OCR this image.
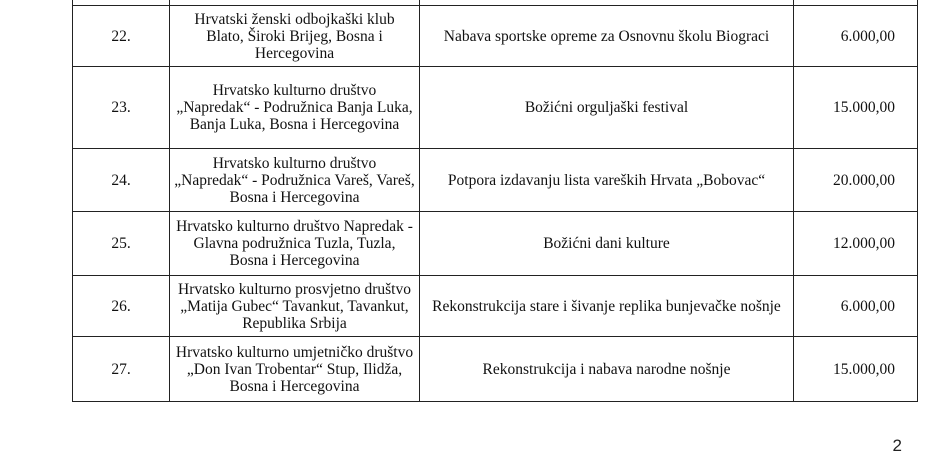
22.	Hrvatski ženski odbojkaški klub Blato, Široki Brijeg, Bosna i Hercegovina	Nabava sportske opreme za Osnovnu školu Biograci	6.000,00
23.	Hrvatsko kulturno društvo „Napredak“ - Podružnica Banja Luka, Banja Luka, Bosna i Hercegovina	Božićni orguljaški festival	15.000,00
24.	Hrvatsko kulturno društvo „Napredak“ - Podružnica Vareš, Vareš, Bosna i Hercegovina	Potpora izdavanju lista vareških Hrvata „Bobovac“	20.000,00
25.	Hrvatsko kulturno društvo Napredak - Glavna podružnica Tuzla, Tuzla, Bosna i Hercegovina	Božićni dani kulture	12.000,00
26.	Hrvatsko kulturno prosvjetno društvo „Matija Gubec“ Tavankut, Tavankut, Republika Srbija	Rekonstrukcija stare i šivanje replika bunjevačke nošnje	6.000,00
27.	Hrvatsko kulturno umjetničko društvo „Don Ivan Trobentar“ Stup, Ilidža, Bosna i Hercegovina	Rekonstrukcija i nabava narodne nošnje	15.000,00
2
